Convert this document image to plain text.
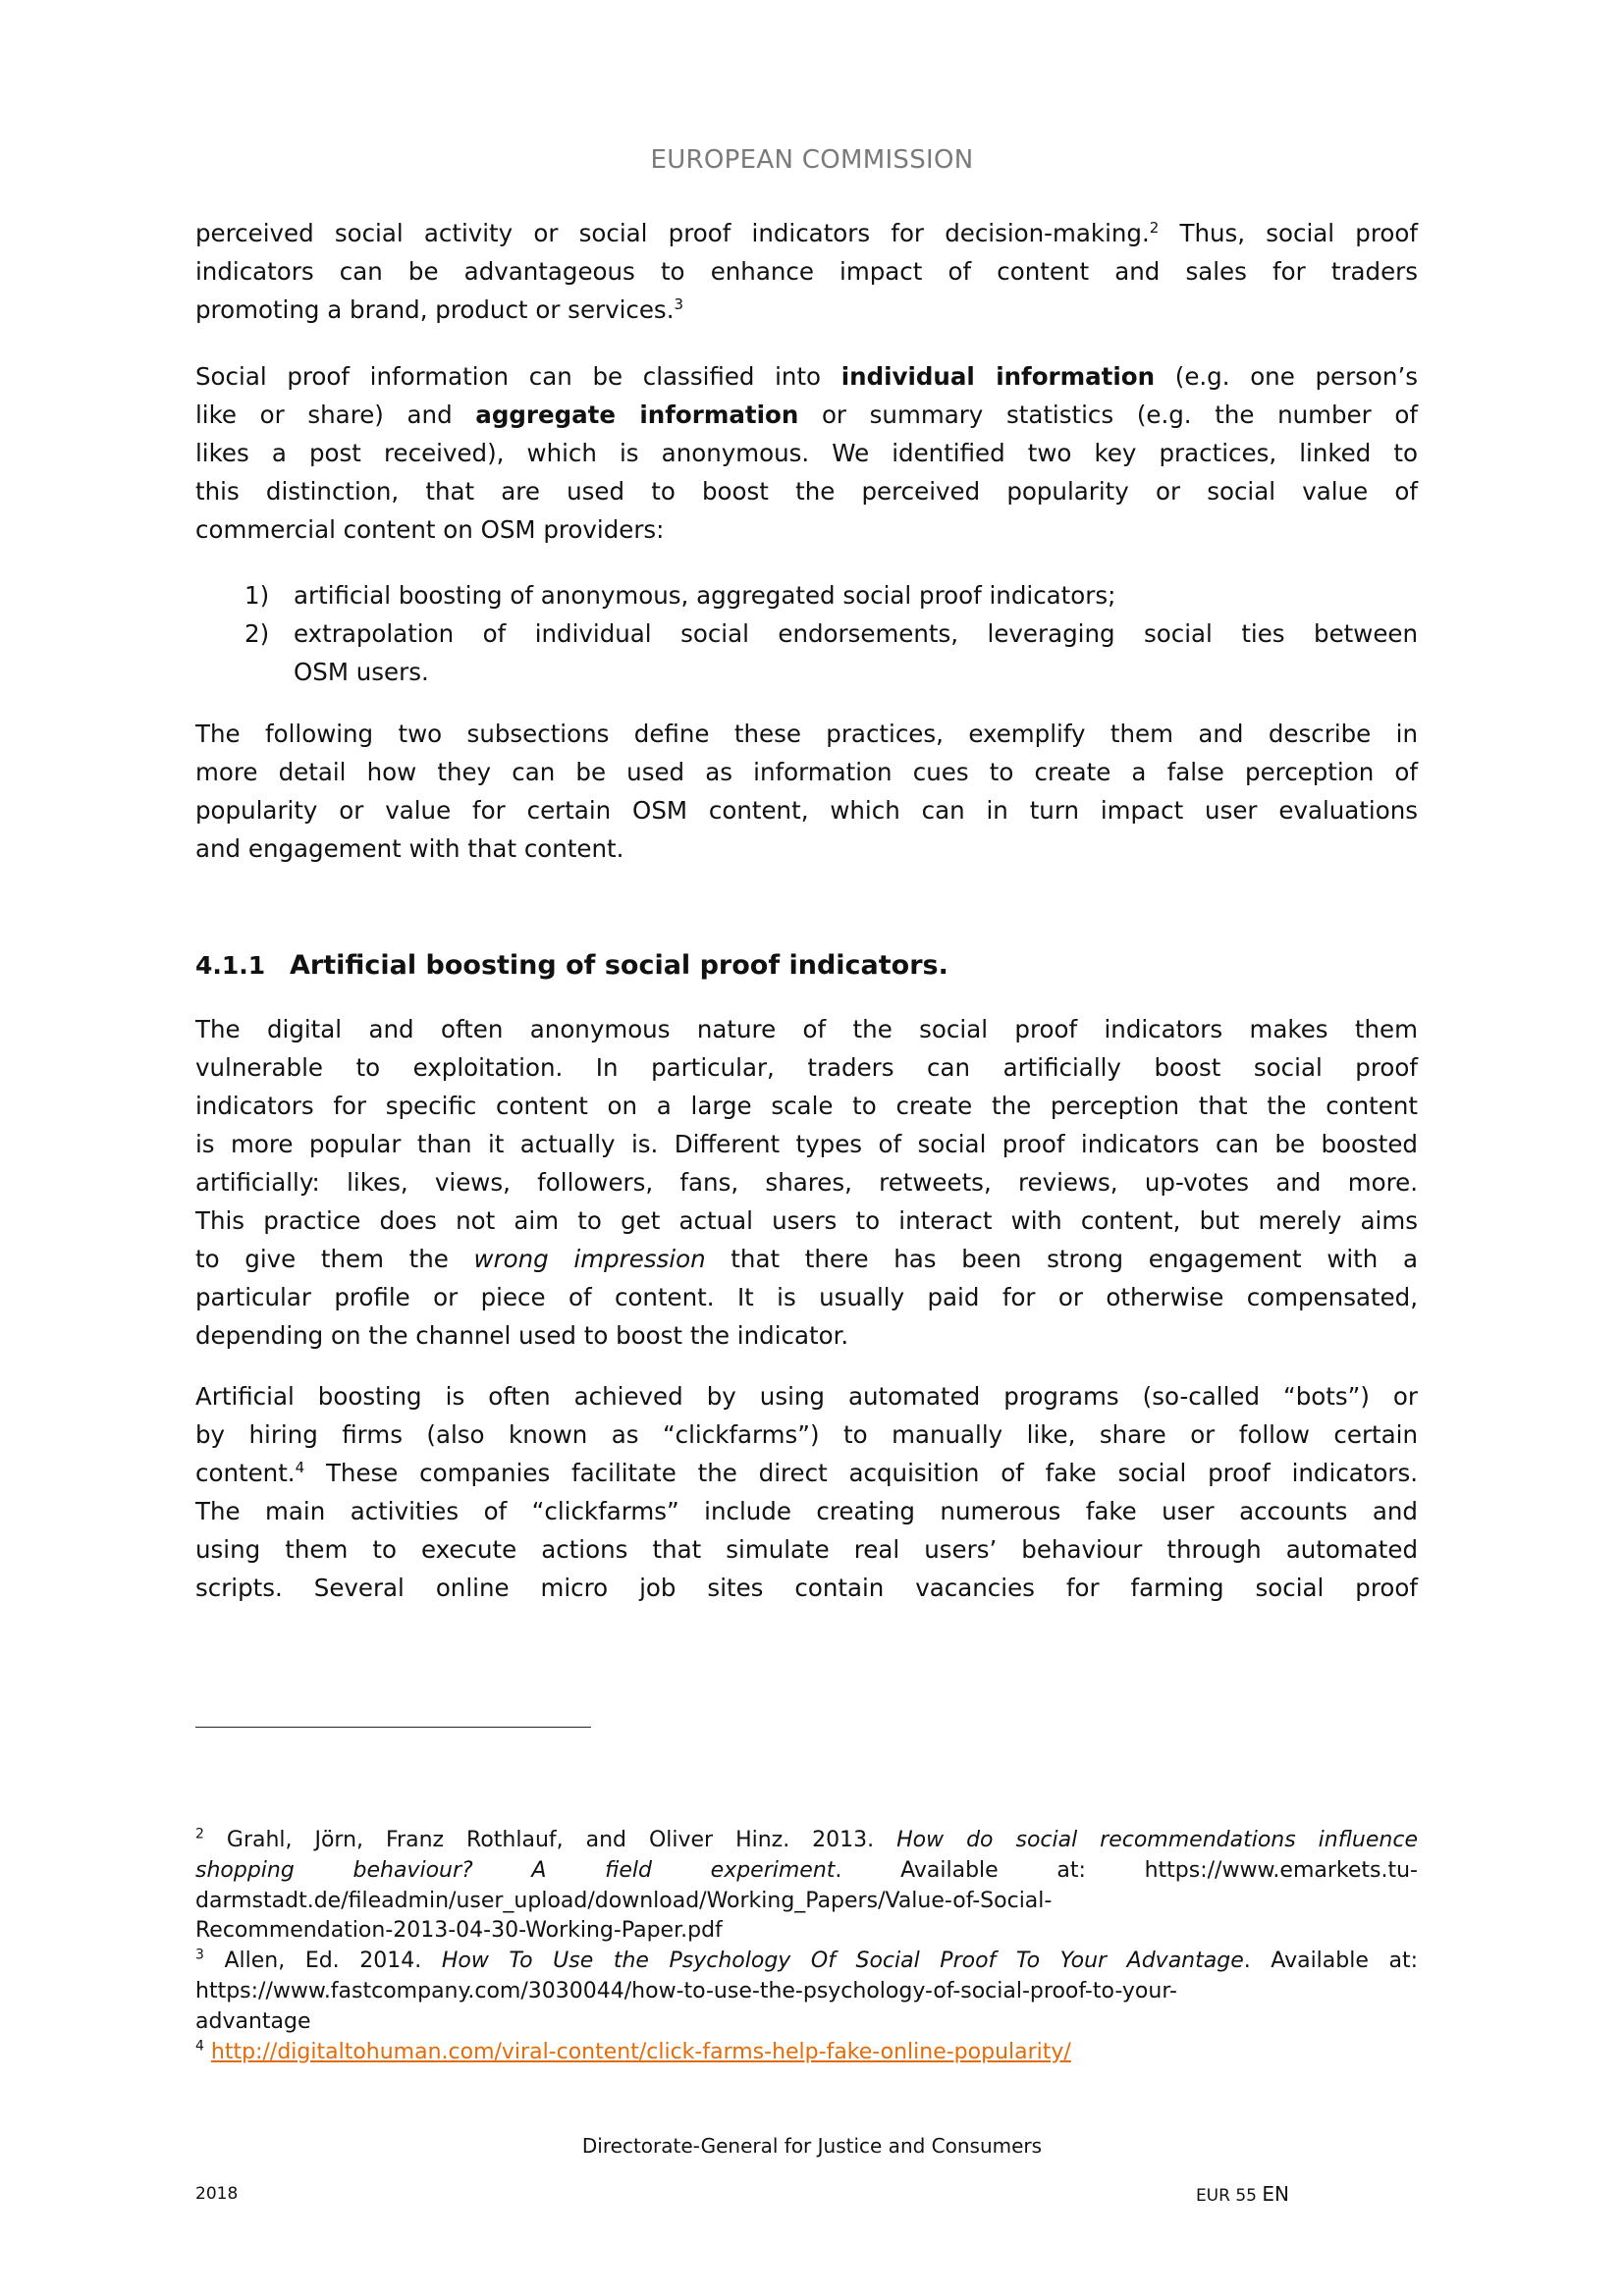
EUROPEAN COMMISSION
perceived social activity or social proof indicators for decision-making.$^2$ Thus, social proof
indicators can be advantageous to enhance impact of content and sales for traders
promoting a brand, product or services.$^3$
Social proof information can be classified into individual information (e.g. one person’s
like or share) and aggregate information or summary statistics (e.g. the number of
likes a post received), which is anonymous. We identified two key practices, linked to
this distinction, that are used to boost the perceived popularity or social value of
commercial content on OSM providers:
1)	artificial boosting of anonymous, aggregated social proof indicators;
2)	extrapolation of individual social endorsements, leveraging social ties between
OSM users.
The following two subsections define these practices, exemplify them and describe in
more detail how they can be used as information cues to create a false perception of
popularity or value for certain OSM content, which can in turn impact user evaluations
and engagement with that content.
4.1.1 Artificial boosting of social proof indicators.
The digital and often anonymous nature of the social proof indicators makes them
vulnerable to exploitation. In particular, traders can artificially boost social proof
indicators for specific content on a large scale to create the perception that the content
is more popular than it actually is. Different types of social proof indicators can be boosted
artificially: likes, views, followers, fans, shares, retweets, reviews, up-votes and more.
This practice does not aim to get actual users to interact with content, but merely aims
to give them the wrong impression that there has been strong engagement with a
particular profile or piece of content. It is usually paid for or otherwise compensated,
depending on the channel used to boost the indicator.
Artificial boosting is often achieved by using automated programs (so-called “bots”) or
by hiring firms (also known as “clickfarms”) to manually like, share or follow certain
content.$^4$ These companies facilitate the direct acquisition of fake social proof indicators.
The main activities of “clickfarms” include creating numerous fake user accounts and
using them to execute actions that simulate real users’ behaviour through automated
scripts. Several online micro job sites contain vacancies for farming social proof
$^2$ Grahl, Jörn, Franz Rothlauf, and Oliver Hinz. 2013. How do social recommendations influence
shopping behaviour? A field experiment. Available at: https://www.emarkets.tu-
darmstadt.de/fileadmin/user_upload/download/Working_Papers/Value-of-Social-
Recommendation-2013-04-30-Working-Paper.pdf
$^3$ Allen, Ed. 2014. How To Use the Psychology Of Social Proof To Your Advantage. Available at:
https://www.fastcompany.com/3030044/how-to-use-the-psychology-of-social-proof-to-your-
advantage
$^4$ http://digitaltohuman.com/viral-content/click-farms-help-fake-online-popularity/
Directorate-General for Justice and Consumers
2018	EUR 55 EN
